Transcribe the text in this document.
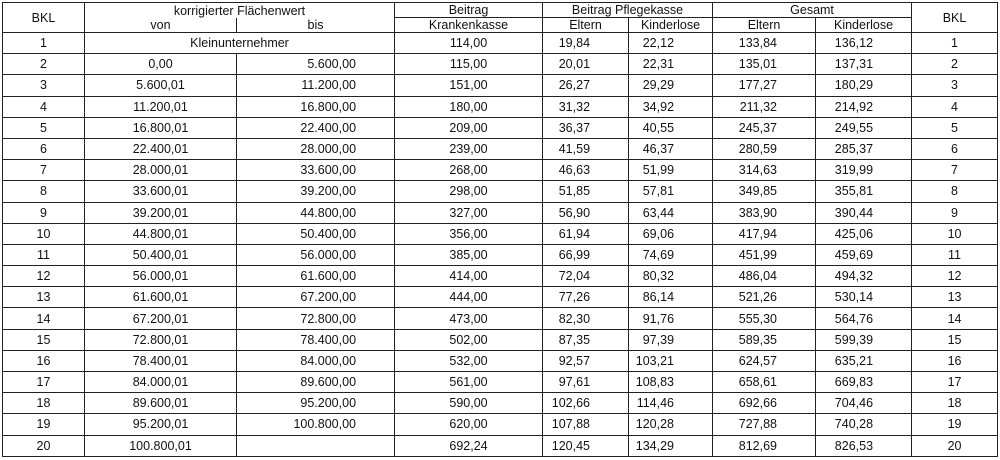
BKL	korrigierter Flächenwert		Beitrag	Beitrag Pflegekasse		Gesamt		BKL
	von	bis	Krankenkasse	Eltern	Kinderlose	Eltern	Kinderlose	
1	Kleinunternehmer		114,00	19,84	22,12	133,84	136,12	1
2	0,00	5.600,00	115,00	20,01	22,31	135,01	137,31	2
3	5.600,01	11.200,00	151,00	26,27	29,29	177,27	180,29	3
4	11.200,01	16.800,00	180,00	31,32	34,92	211,32	214,92	4
5	16.800,01	22.400,00	209,00	36,37	40,55	245,37	249,55	5
6	22.400,01	28.000,00	239,00	41,59	46,37	280,59	285,37	6
7	28.000,01	33.600,00	268,00	46,63	51,99	314,63	319,99	7
8	33.600,01	39.200,00	298,00	51,85	57,81	349,85	355,81	8
9	39.200,01	44.800,00	327,00	56,90	63,44	383,90	390,44	9
10	44.800,01	50.400,00	356,00	61,94	69,06	417,94	425,06	10
11	50.400,01	56.000,00	385,00	66,99	74,69	451,99	459,69	11
12	56.000,01	61.600,00	414,00	72,04	80,32	486,04	494,32	12
13	61.600,01	67.200,00	444,00	77,26	86,14	521,26	530,14	13
14	67.200,01	72.800,00	473,00	82,30	91,76	555,30	564,76	14
15	72.800,01	78.400,00	502,00	87,35	97,39	589,35	599,39	15
16	78.400,01	84.000,00	532,00	92,57	103,21	624,57	635,21	16
17	84.000,01	89.600,00	561,00	97,61	108,83	658,61	669,83	17
18	89.600,01	95.200,00	590,00	102,66	114,46	692,66	704,46	18
19	95.200,01	100.800,00	620,00	107,88	120,28	727,88	740,28	19
20	100.800,01		692,24	120,45	134,29	812,69	826,53	20
